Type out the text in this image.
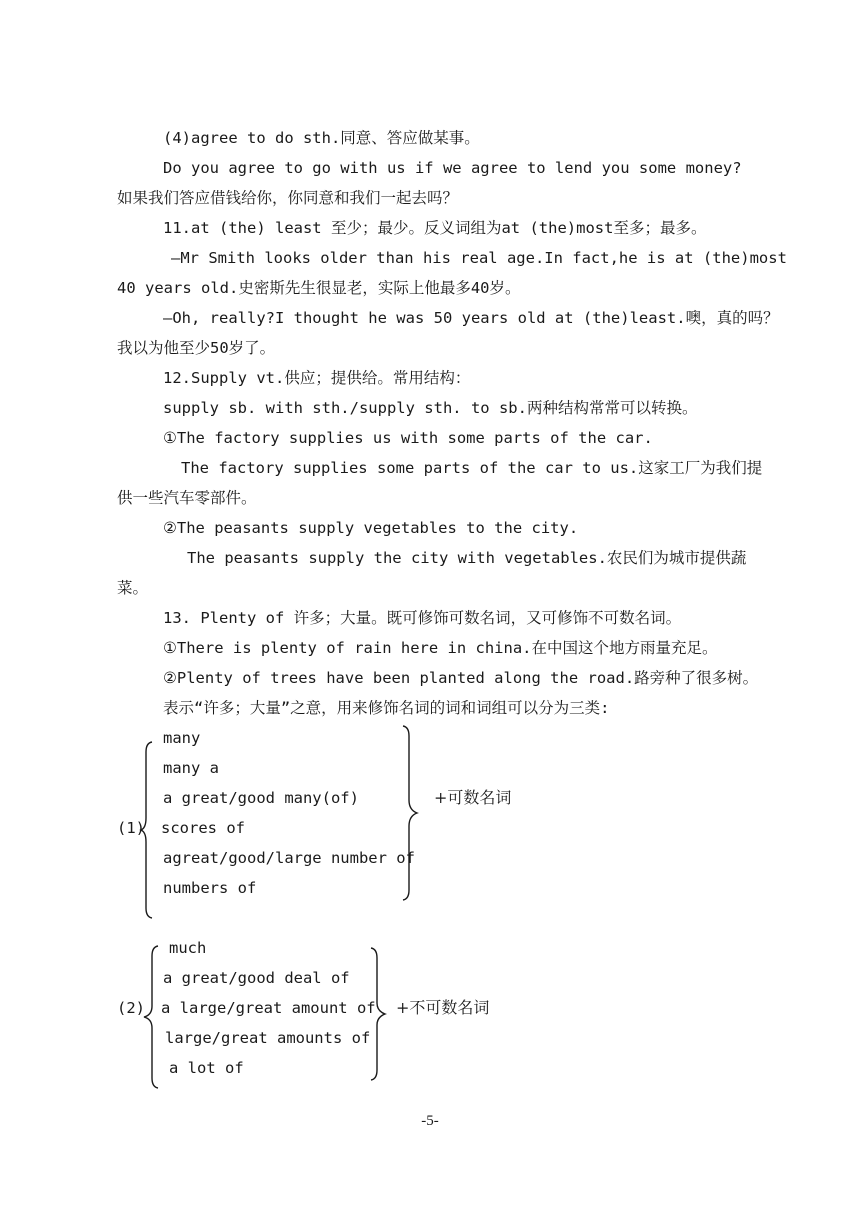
(4)agree to do sth.同意、答应做某事。
Do you agree to go with us if we agree to lend you some money?
如果我们答应借钱给你，你同意和我们一起去吗？
11.at (the) least 至少；最少。反义词组为at (the)most至多；最多。
—Mr Smith looks older than his real age.In fact,he is at (the)most
40 years old.史密斯先生很显老，实际上他最多40岁。
—Oh, really?I thought he was 50 years old at (the)least.噢，真的吗？
我以为他至少50岁了。
12.Supply vt.供应；提供给。常用结构：
supply sb. with sth./supply sth. to sb.两种结构常常可以转换。
①The factory supplies us with some parts of the car.
The factory supplies some parts of the car to us.这家工厂为我们提
供一些汽车零部件。
②The peasants supply vegetables to the city.
The peasants supply the city with vegetables.农民们为城市提供蔬
菜。
13. Plenty of 许多；大量。既可修饰可数名词，又可修饰不可数名词。
①There is plenty of rain here in china.在中国这个地方雨量充足。
②Plenty of trees have been planted along the road.路旁种了很多树。
表示“许多；大量”之意，用来修饰名词的词和词组可以分为三类:
(1)
many
many a
a great/good many(of)
scores of
agreat/good/large number of
numbers of
+可数名词
(2)
much
a great/good deal of
a large/great amount of
large/great amounts of
a lot of
+不可数名词
-5-
